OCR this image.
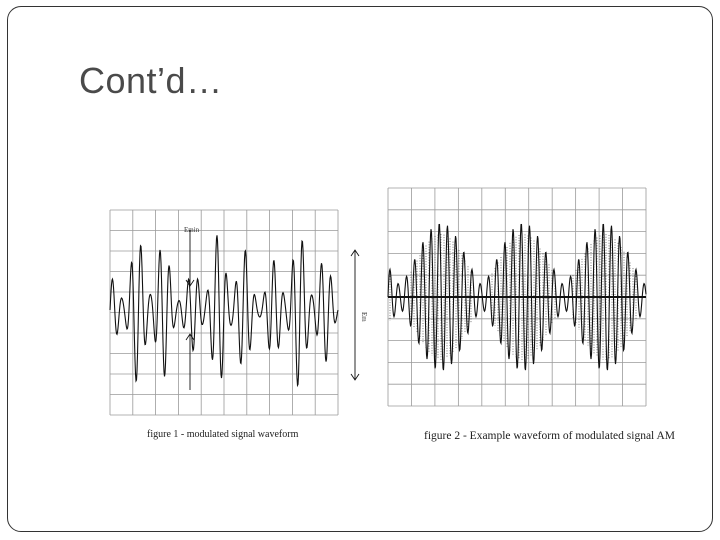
Cont’d…
Emin
Em
figure 1 - modulated signal waveform	figure 2 - Example waveform of modulated signal AM
